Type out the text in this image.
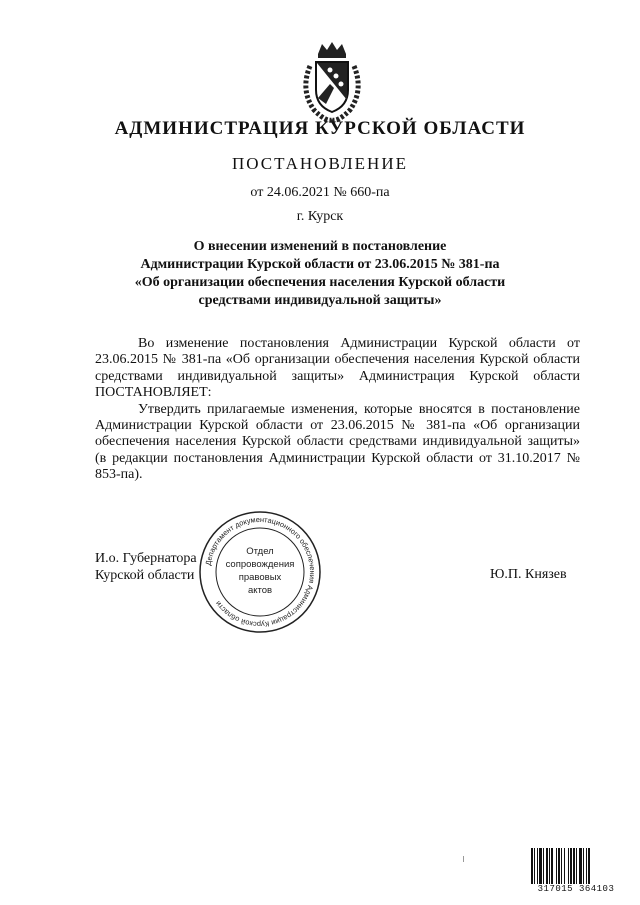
АДМИНИСТРАЦИЯ КУРСКОЙ ОБЛАСТИ
ПОСТАНОВЛЕНИЕ
от 24.06.2021 № 660-па
г. Курск
О внесении изменений в постановление
Администрации Курской области от 23.06.2015 № 381-па
«Об организации обеспечения населения Курской области
средствами индивидуальной защиты»

Во изменение постановления Администрации Курской области от 23.06.2015 № 381-па «Об организации обеспечения населения Курской области средствами индивидуальной защиты» Администрация Курской области ПОСТАНОВЛЯЕТ:

Утвердить прилагаемые изменения, которые вносятся в постановление Администрации Курской области от 23.06.2015 № 381-па «Об организации обеспечения населения Курской области средствами индивидуальной защиты» (в редакции постановления Администрации Курской области от 31.10.2017 № 853-па).

И.о. Губернатора
Курской области	Ю.П. Князев
Департамент документационного обеспечения Администрации Курской области
Отдел
сопровождения
правовых
актов
317015 364103
